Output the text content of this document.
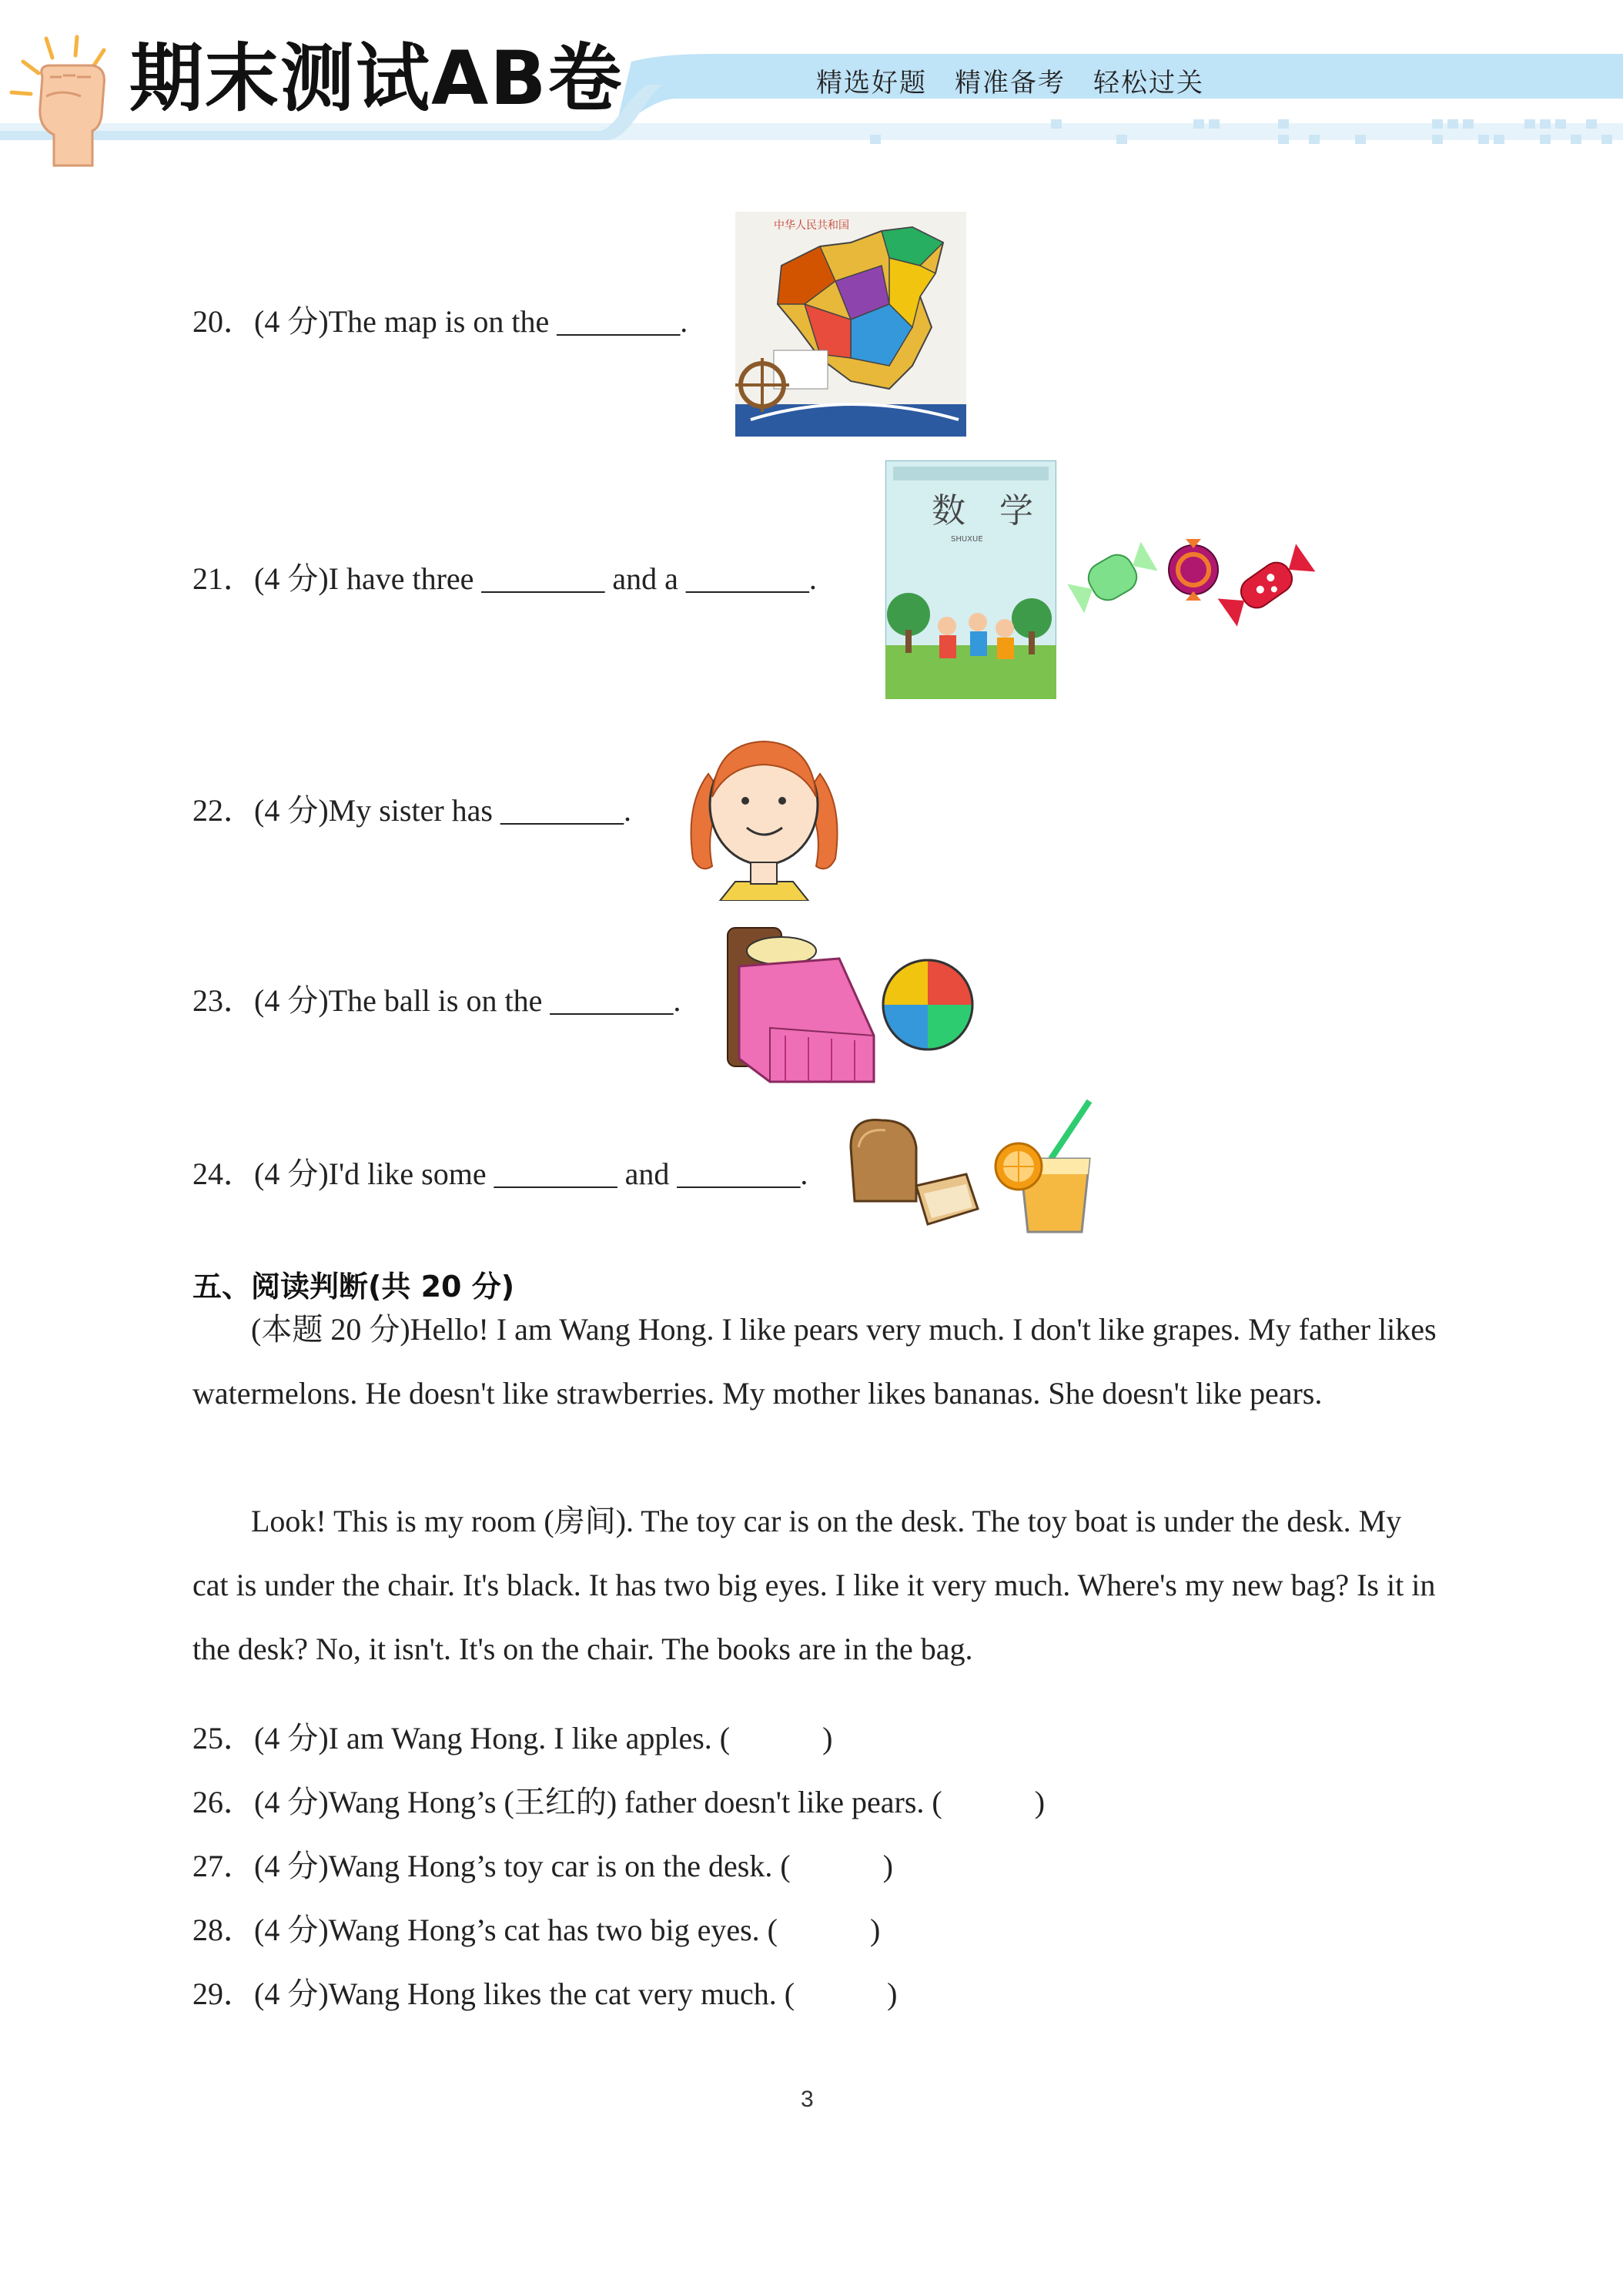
期末测试AB卷	精选好题　精准备考　轻松过关
20．(4 分)The map is on the ________.
中华人民共和国
21．(4 分)I have three ________ and a ________.
数　学
SHUXUE
22．(4 分)My sister has ________.
23．(4 分)The ball is on the ________.
24．(4 分)I'd like some ________ and ________.
五、阅读判断(共 20 分)
(本题 20 分)Hello! I am Wang Hong. I like pears very much. I don't like grapes. My father likes watermelons. He doesn't like strawberries. My mother likes bananas. She doesn't like pears.
Look! This is my room (房间). The toy car is on the desk. The toy boat is under the desk. My cat is under the chair. It's black. It has two big eyes. I like it very much. Where's my new bag? Is it in the desk? No, it isn't. It's on the chair. The books are in the bag.
25．(4 分)I am Wang Hong. I like apples. (　　　)
26．(4 分)Wang Hong’s (王红的) father doesn't like pears. (　　　)
27．(4 分)Wang Hong’s toy car is on the desk. (　　　)
28．(4 分)Wang Hong’s cat has two big eyes. (　　　)
29．(4 分)Wang Hong likes the cat very much. (　　　)
3
